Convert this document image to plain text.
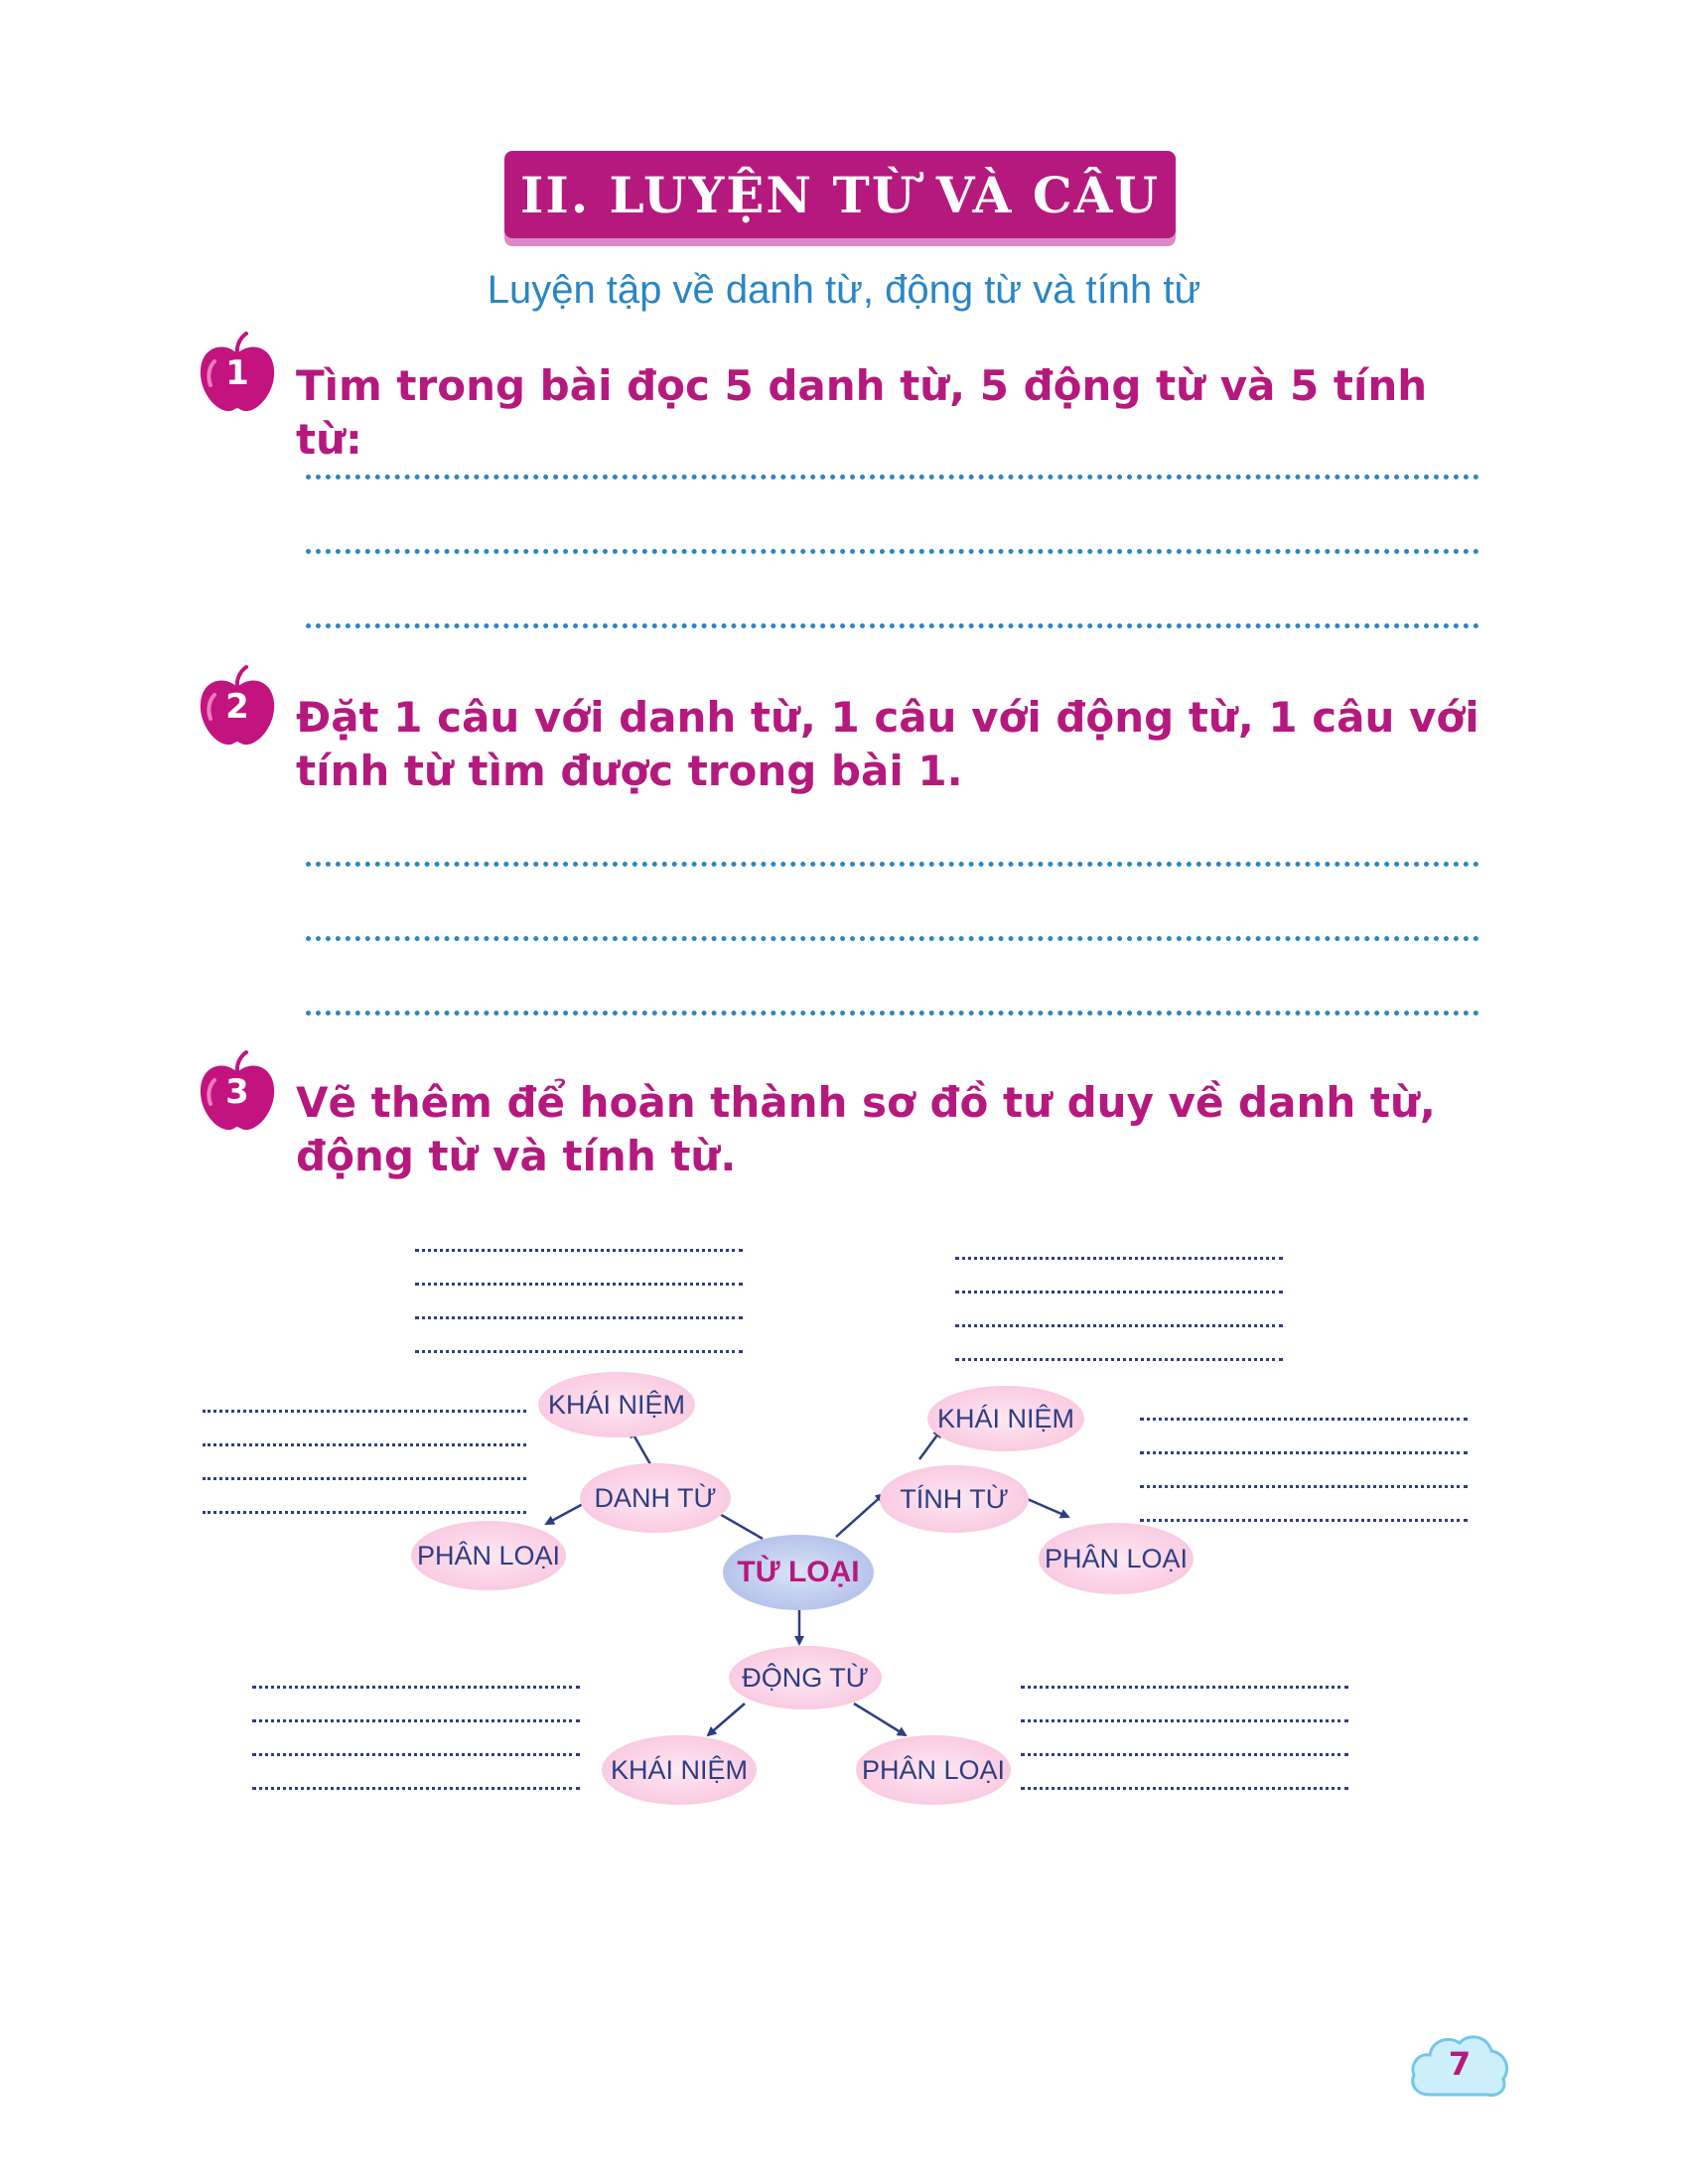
II. LUYỆN TỪ VÀ CÂU
Luyện tập về danh từ, động từ và tính từ
1	Tìm trong bài đọc 5 danh từ, 5 động từ và 5 tính từ:
2	Đặt 1 câu với danh từ, 1 câu với động từ, 1 câu với tính từ tìm được trong bài 1.
3	Vẽ thêm để hoàn thành sơ đồ tư duy về danh từ, động từ và tính từ.
TỪ LOẠI
DANH TỪ
KHÁI NIỆM
PHÂN LOẠI
TÍNH TỪ
KHÁI NIỆM
PHÂN LOẠI
ĐỘNG TỪ
KHÁI NIỆM	PHÂN LOẠI
7
